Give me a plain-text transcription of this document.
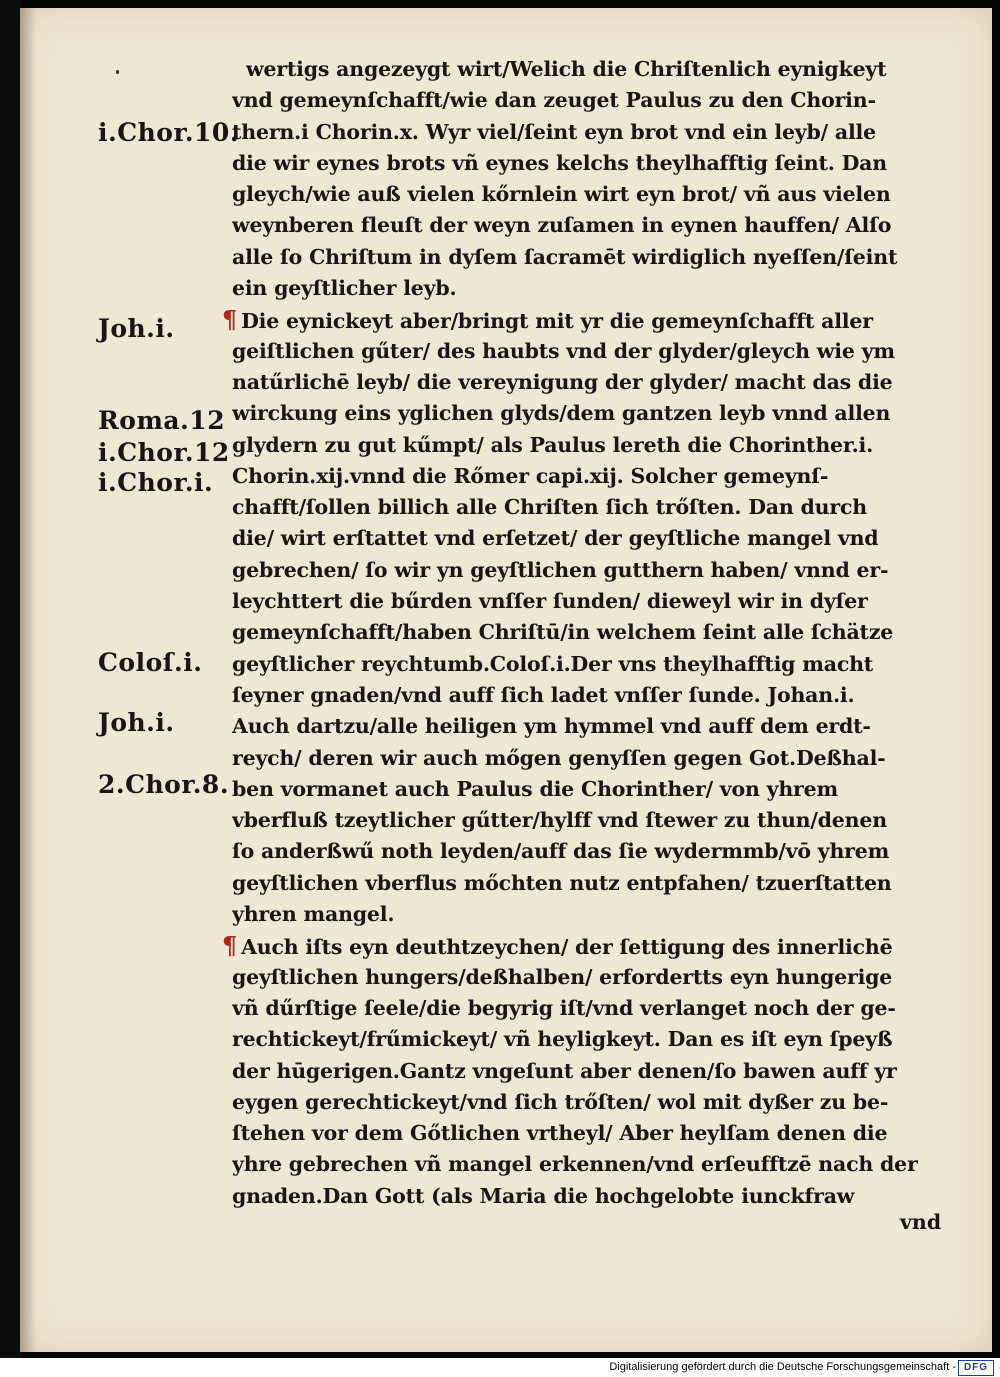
i.Chor.10.
Joh.i.
Roma.12
i.Chor.12
i.Chor.i.
Coloſ.i.
Joh.i.
2.Chor.8.
wertigs angezeygt wirt/Welich die Chriſtenlich eynigkeyt
vnd gemeynſchafft/wie dan zeuget Paulus zu den Chorin-
thern.i Chorin.x. Wyr viel/ſeint eyn brot vnd ein leyb/ alle
die wir eynes brots vñ eynes kelchs theylhafftig ſeint. Dan
gleych/wie auß vielen kőrnlein wirt eyn brot/ vñ aus vielen
weynberen fleuſt der weyn zuſamen in eynen hauffen/ Alſo
alle ſo Chriſtum in dyſem ſacramēt wirdiglich nyeſſen/ſeint
ein geyſtlicher leyb.
¶ Die eynickeyt aber/bringt mit yr die gemeynſchafft aller
geiſtlichen gűter/ des haubts vnd der glyder/gleych wie ym
natűrlichē leyb/ die vereynigung der glyder/ macht das die
wirckung eins yglichen glyds/dem gantzen leyb vnnd allen
glydern zu gut kűmpt/ als Paulus lereth die Chorinther.i.
Chorin.xij.vnnd die Rőmer capi.xij. Solcher gemeynſ-
chafft/ſollen billich alle Chriſten ſich trőſten. Dan durch
die/ wirt erſtattet vnd erſetzet/ der geyſtliche mangel vnd
gebrechen/ ſo wir yn geyſtlichen gutthern haben/ vnnd er-
leychttert die bűrden vnſſer ſunden/ dieweyl wir in dyſer
gemeynſchafft/haben Chriſtū/in welchem ſeint alle ſchätze
geyſtlicher reychtumb.Coloſ.i.Der vns theylhafftig macht
ſeyner gnaden/vnd auff ſich ladet vnſſer ſunde. Johan.i.
Auch dartzu/alle heiligen ym hymmel vnd auff dem erdt-
reych/ deren wir auch mőgen genyſſen gegen Got.Deßhal-
ben vormanet auch Paulus die Chorinther/ von yhrem
vberfluß tzeytlicher gűtter/hylff vnd ſtewer zu thun/denen
ſo anderßwű noth leyden/auff das ſie wydermmb/vō yhrem
geyſtlichen vberflus mőchten nutz entpfahen/ tzuerſtatten
yhren mangel.
¶ Auch iſts eyn deuthtzeychen/ der ſettigung des innerlichē
geyſtlichen hungers/deßhalben/ erfordertts eyn hungerige
vñ dűrſtige ſeele/die begyrig iſt/vnd verlanget noch der ge-
rechtickeyt/frűmickeyt/ vñ heyligkeyt. Dan es iſt eyn ſpeyß
der hūgerigen.Gantz vngeſunt aber denen/ſo bawen auff yr
eygen gerechtickeyt/vnd ſich trőſten/ wol mit dyßer zu be-
ſtehen vor dem Gőtlichen vrtheyl/ Aber heylſam denen die
yhre gebrechen vñ mangel erkennen/vnd erſeufftzē nach der
gnaden.Dan Gott (als Maria die hochgelobte iunckfraw
vnd
Digitalisierung gefördert durch die Deutsche Forschungsgemeinschaft - DFG
